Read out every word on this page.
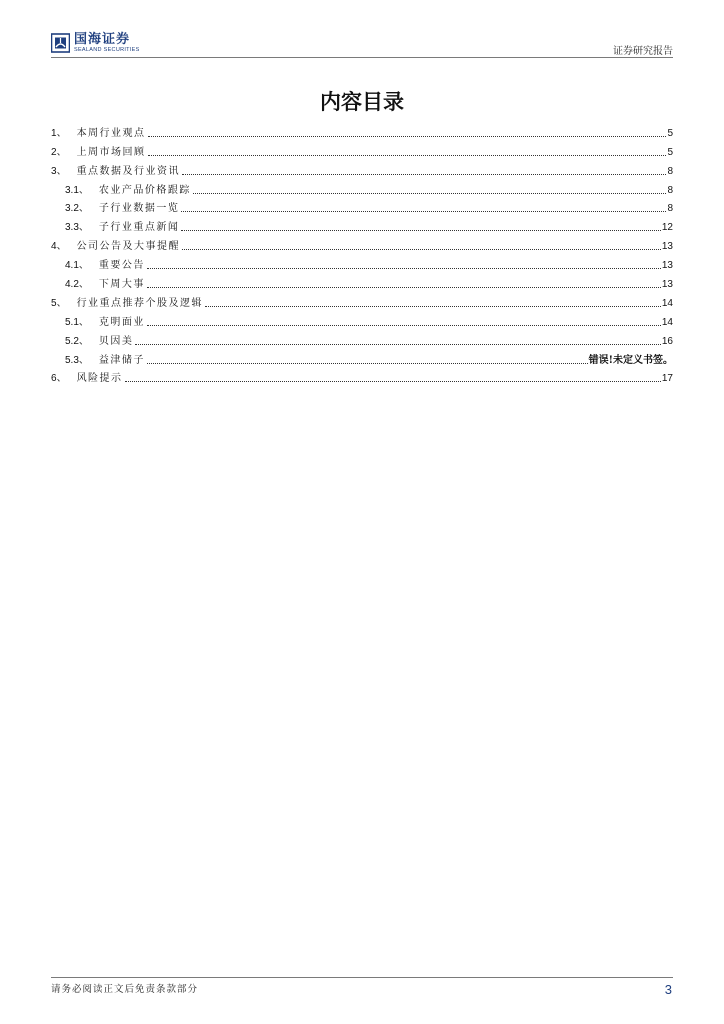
国海证券
SEALAND SECURITIES	证券研究报告
内容目录
1 、 本周行业观点	5
2 、 上周市场回顾	5
3 、 重点数据及行业资讯	8
3.1 、 农业产品价格跟踪	8
3.2 、 子行业数据一览	8
3.3 、 子行业重点新闻	12
4 、 公司公告及大事提醒	13
4.1 、 重要公告	13
4.2 、 下周大事	13
5 、 行业重点推荐个股及逻辑	14
5.1 、 克明面业	14
5.2 、 贝因美	16
5.3 、 益津储子	错误!未定义书签。
6 、 风险提示	17
请务必阅读正文后免责条款部分	3
